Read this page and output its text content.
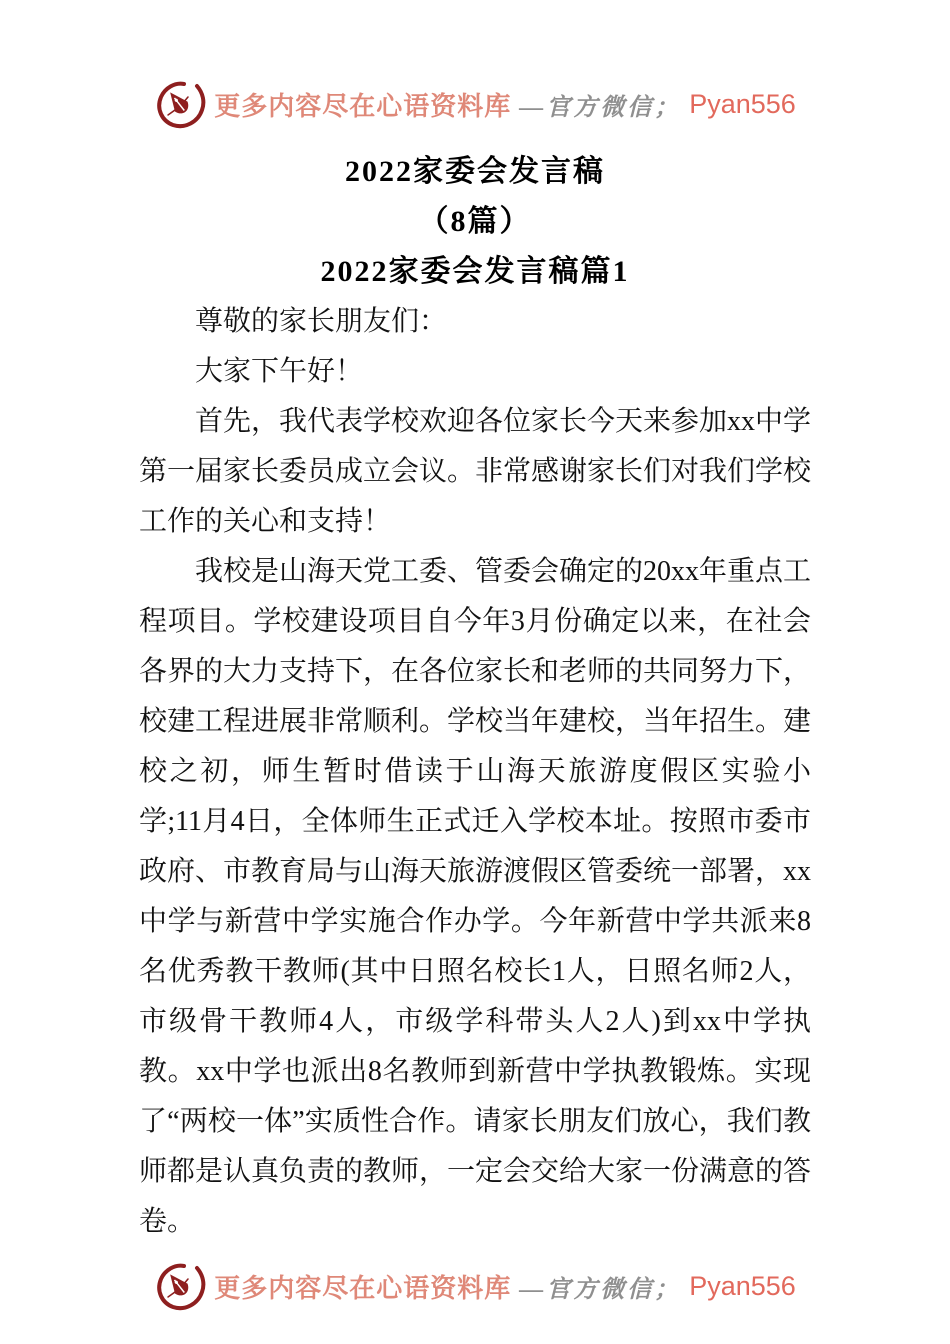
更多内容尽在心语资料库 —官方微信； Pyan556
2022家委会发言稿
（8篇）
2022家委会发言稿篇1

尊敬的家长朋友们：

大家下午好！

首先，我代表学校欢迎各位家长今天来参加xx中学第一届家长委员成立会议。非常感谢家长们对我们学校工作的关心和支持！

我校是山海天党工委、管委会确定的20xx年重点工程项目。学校建设项目自今年3月份确定以来，在社会各界的大力支持下，在各位家长和老师的共同努力下，校建工程进展非常顺利。学校当年建校，当年招生。建校之初，师生暂时借读于山海天旅游度假区实验小学;11月4日，全体师生正式迁入学校本址。按照市委市政府、市教育局与山海天旅游渡假区管委统一部署，xx中学与新营中学实施合作办学。今年新营中学共派来8名优秀教干教师(其中日照名校长1人，日照名师2人，市级骨干教师4人，市级学科带头人2人)到xx中学执教。xx中学也派出8名教师到新营中学执教锻炼。实现了“两校一体”实质性合作。请家长朋友们放心，我们教师都是认真负责的教师，一定会交给大家一份满意的答卷。

更多内容尽在心语资料库 —官方微信； Pyan556
